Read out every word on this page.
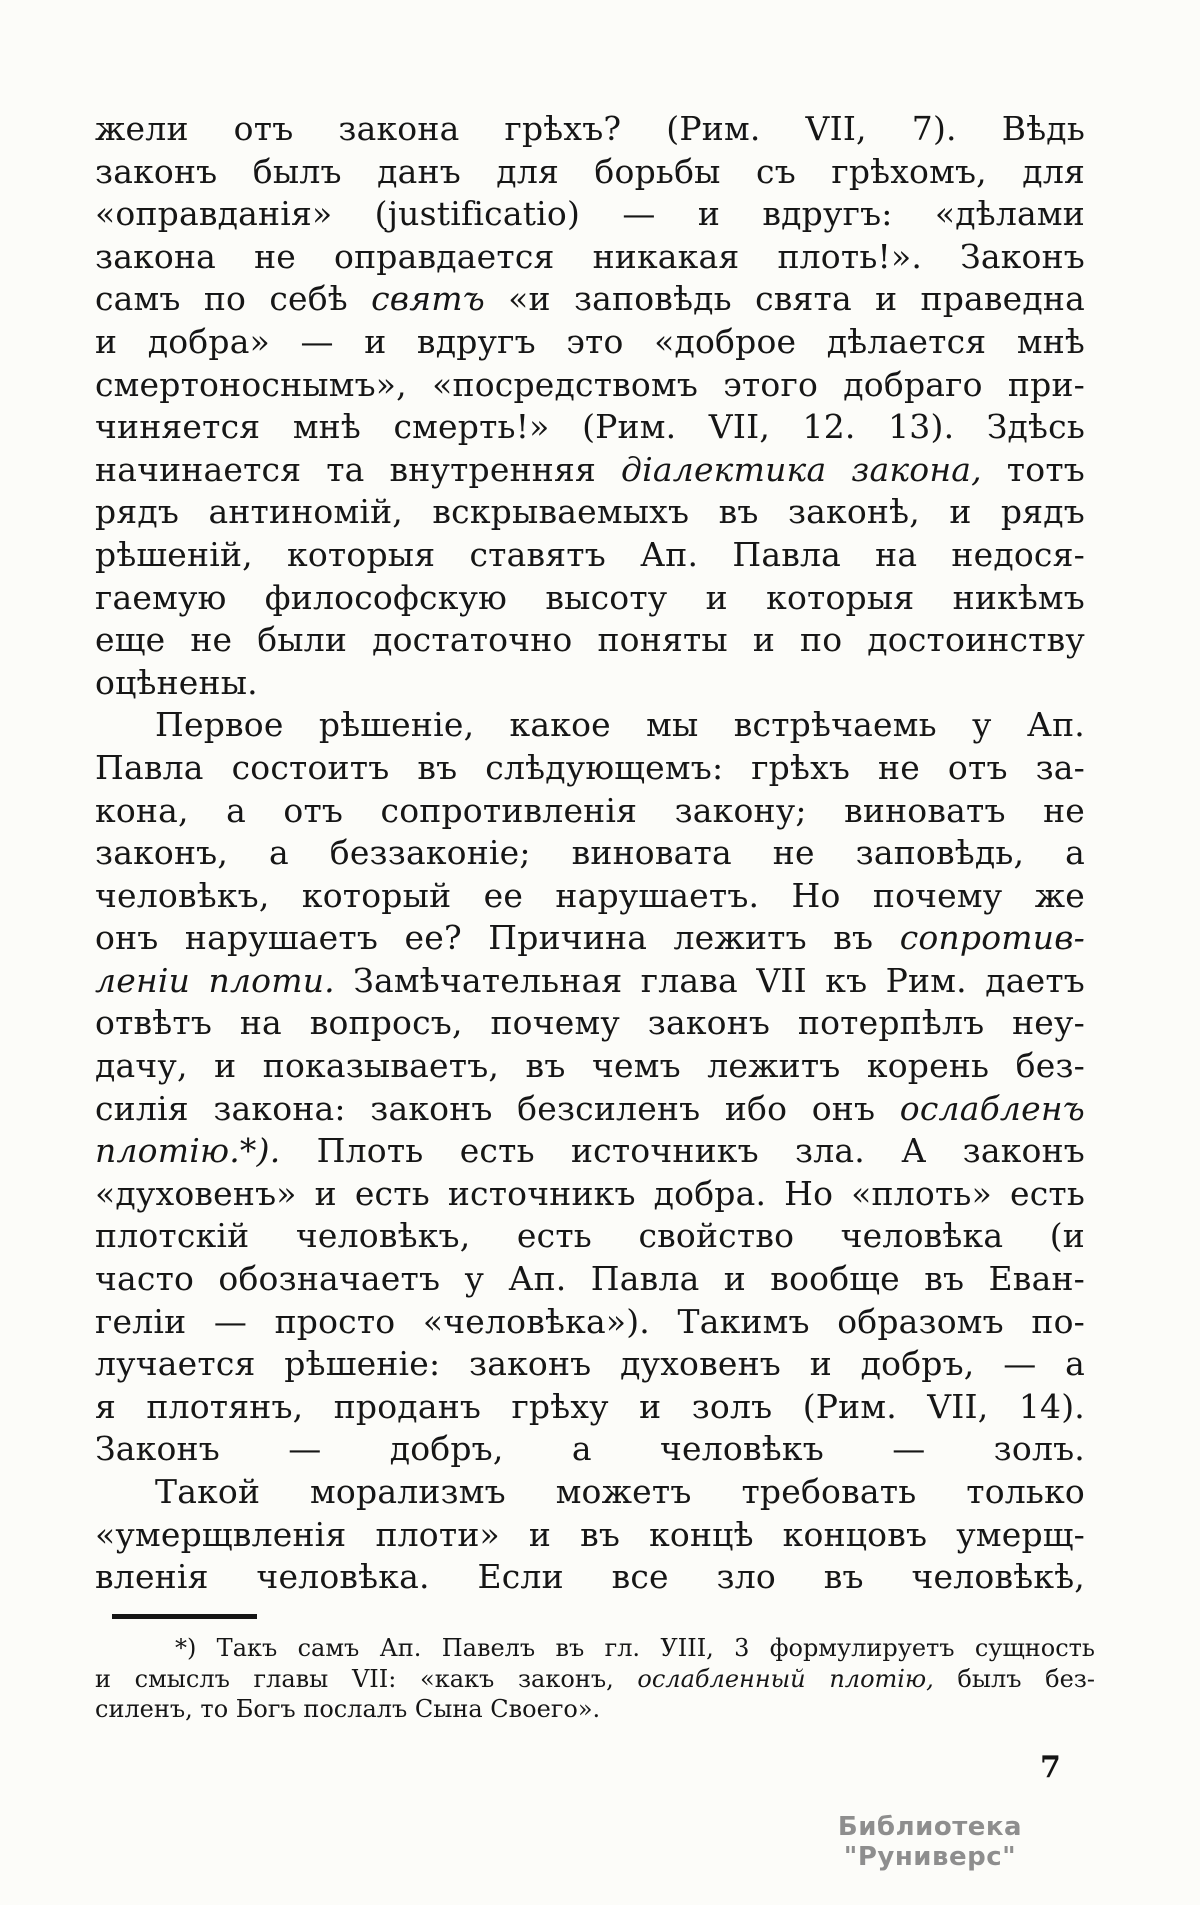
жели отъ закона грѣхъ? (Рим. VII, 7). Вѣдь
законъ былъ данъ для борьбы съ грѣхомъ, для
«оправданія» (justificatio) — и вдругъ: «дѣлами
закона не оправдается никакая плоть!». Законъ
самъ по себѣ святъ «и заповѣдь свята и праведна
и добра» — и вдругъ это «доброе дѣлается мнѣ
смертоноснымъ», «посредствомъ этого добраго при-
чиняется мнѣ смерть!» (Рим. VII, 12. 13). Здѣсь
начинается та внутренняя діалектика закона, тотъ
рядъ антиномій, вскрываемыхъ въ законѣ, и рядъ
рѣшеній, которыя ставятъ Ап. Павла на недося-
гаемую философскую высоту и которыя никѣмъ
еще не были достаточно поняты и по достоинству
оцѣнены.
Первое рѣшеніе, какое мы встрѣчаемь у Ап.
Павла состоитъ въ слѣдующемъ: грѣхъ не отъ за-
кона, а отъ сопротивленія закону; виноватъ не
законъ, а беззаконіе; виновата не заповѣдь, а
человѣкъ, который ее нарушаетъ. Но почему же
онъ нарушаетъ ее? Причина лежитъ въ сопротив-
леніи плоти. Замѣчательная глава VII къ Рим. даетъ
отвѣтъ на вопросъ, почему законъ потерпѣлъ неу-
дачу, и показываетъ, въ чемъ лежитъ корень без-
силія закона: законъ безсиленъ ибо онъ ослабленъ
плотію.*). Плоть есть источникъ зла. А законъ
«духовенъ» и есть источникъ добра. Но «плоть» есть
плотскій человѣкъ, есть свойство человѣка (и
часто обозначаетъ у Ап. Павла и вообще въ Еван-
геліи — просто «человѣка»). Такимъ образомъ по-
лучается рѣшеніе: законъ духовенъ и добръ, — а
я плотянъ, проданъ грѣху и золъ (Рим. VII, 14).
Законъ — добръ, а человѣкъ — золъ.
Такой морализмъ можетъ требовать только
«умерщвленія плоти» и въ концѣ концовъ умерщ-
вленія человѣка. Если все зло въ человѣкѣ,
*) Такъ самъ Ап. Павелъ въ гл. УІІІ, 3 формулируетъ сущность
и смыслъ главы VII: «какъ законъ, ослабленный плотію, былъ без-
силенъ, то Богъ послалъ Сына Своего».
7
Библиотека "Руниверс"
